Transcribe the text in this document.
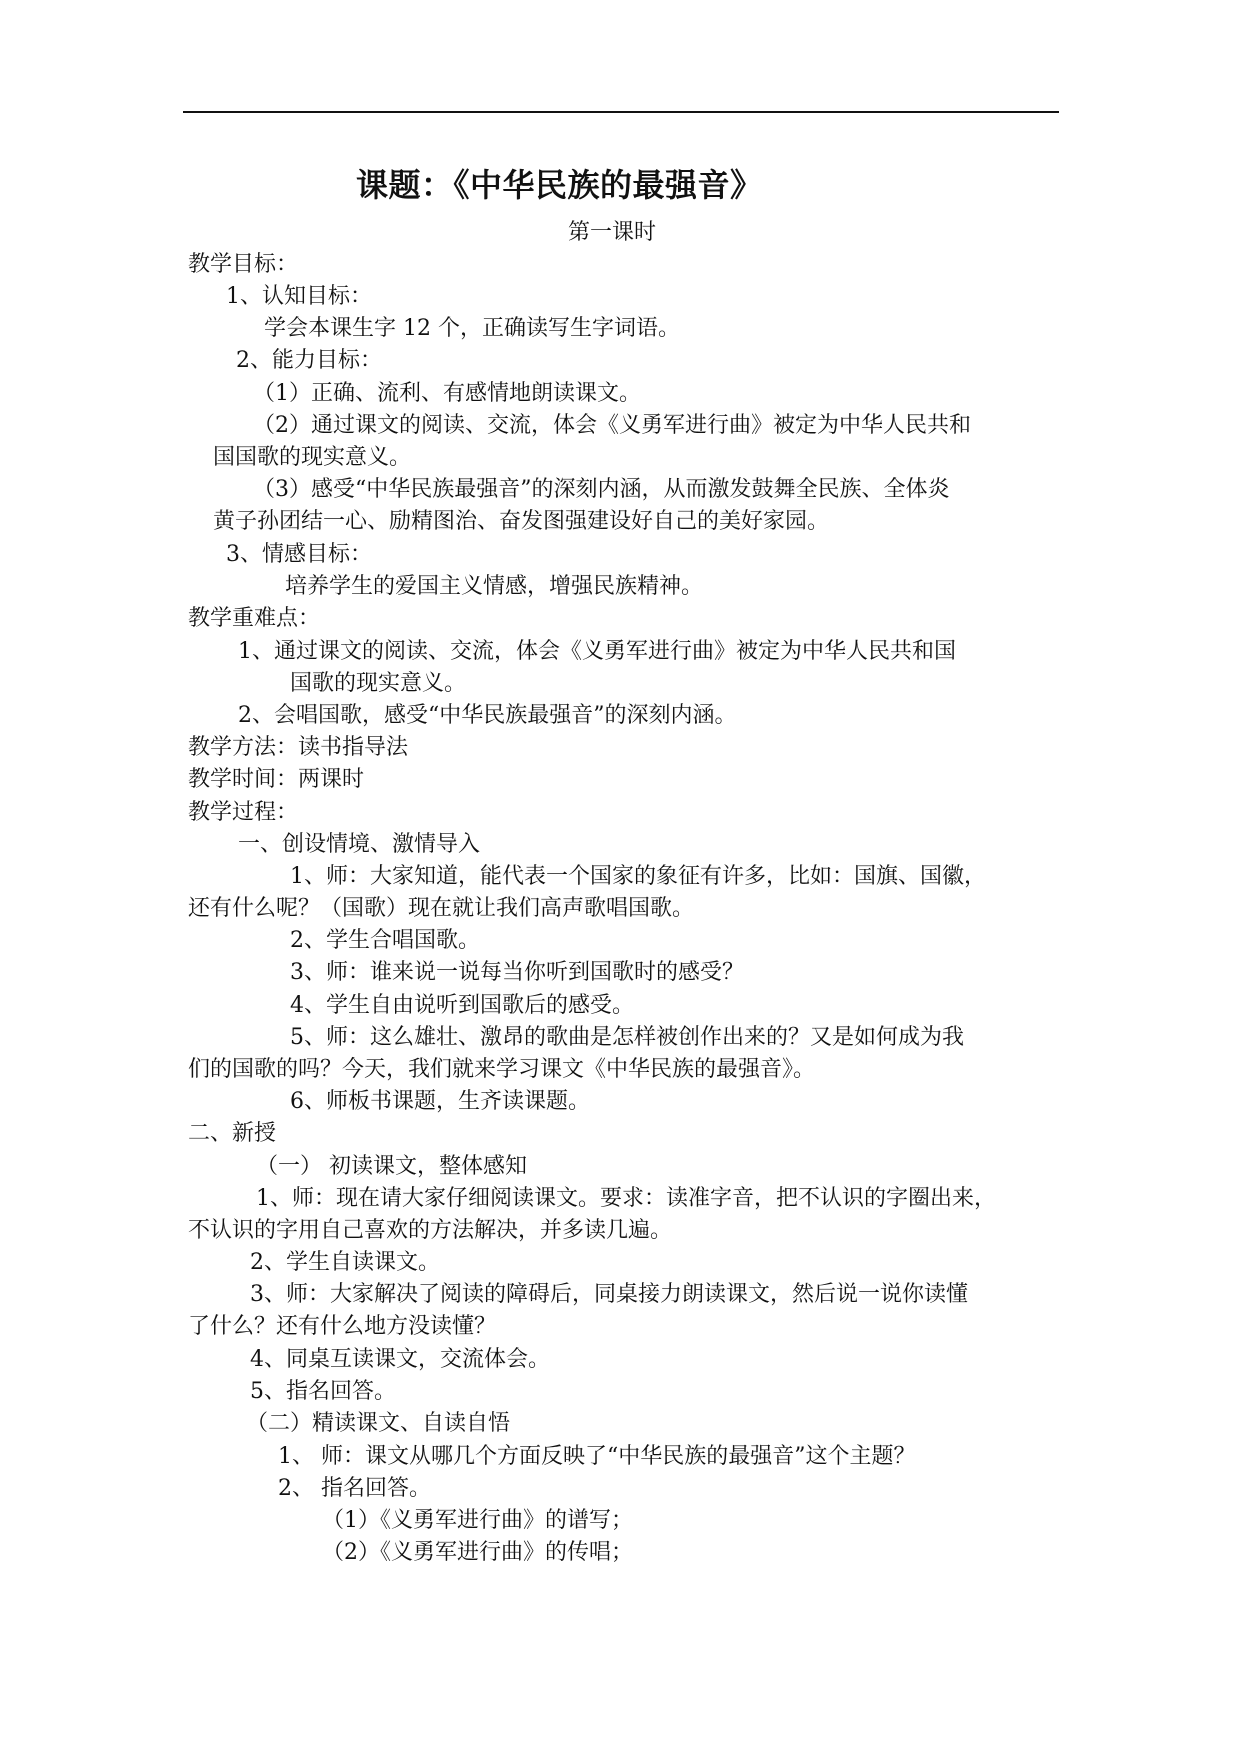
课题：《中华民族的最强音》
第一课时
教学目标：
1、认知目标：
学会本课生字 12 个，正确读写生字词语。
2、能力目标：
（1）正确、流利、有感情地朗读课文。
（2）通过课文的阅读、交流，体会《义勇军进行曲》被定为中华人民共和
国国歌的现实意义。
（3）感受“中华民族最强音”的深刻内涵，从而激发鼓舞全民族、全体炎
黄子孙团结一心、励精图治、奋发图强建设好自己的美好家园。
3、情感目标：
培养学生的爱国主义情感，增强民族精神。
教学重难点：
1、通过课文的阅读、交流，体会《义勇军进行曲》被定为中华人民共和国
国歌的现实意义。
2、会唱国歌，感受“中华民族最强音”的深刻内涵。
教学方法：读书指导法
教学时间：两课时
教学过程：
一、创设情境、激情导入
1、师：大家知道，能代表一个国家的象征有许多，比如：国旗、国徽，
还有什么呢？（国歌）现在就让我们高声歌唱国歌。
2、学生合唱国歌。
3、师：谁来说一说每当你听到国歌时的感受？
4、学生自由说听到国歌后的感受。
5、师：这么雄壮、激昂的歌曲是怎样被创作出来的？又是如何成为我
们的国歌的吗？今天，我们就来学习课文《中华民族的最强音》。
6、师板书课题，生齐读课题。
二、新授
（一） 初读课文，整体感知
1、师：现在请大家仔细阅读课文。要求：读准字音，把不认识的字圈出来，
不认识的字用自己喜欢的方法解决，并多读几遍。
2、学生自读课文。
3、师：大家解决了阅读的障碍后，同桌接力朗读课文，然后说一说你读懂
了什么？还有什么地方没读懂？
4、同桌互读课文，交流体会。
5、指名回答。
（二）精读课文、自读自悟
1、 师：课文从哪几个方面反映了“中华民族的最强音”这个主题？
2、 指名回答。
（1）《义勇军进行曲》的谱写；
（2）《义勇军进行曲》的传唱；
